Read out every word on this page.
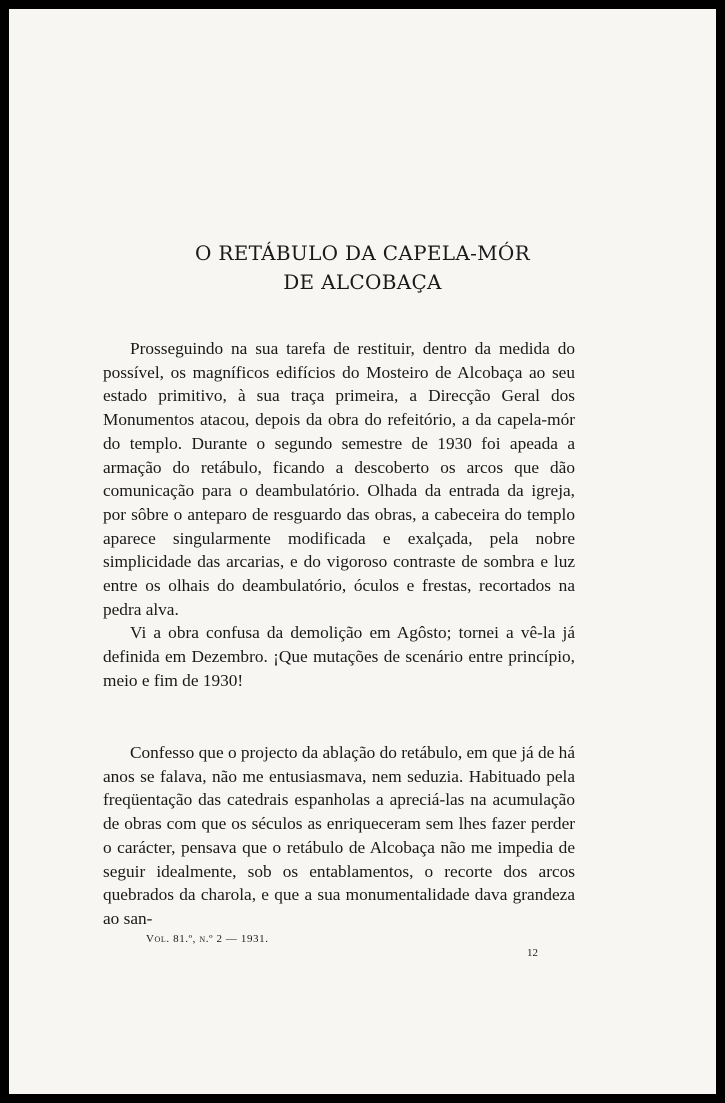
O RETÁBULO DA CAPELA-MÓR
DE ALCOBAÇA

Prosseguindo na sua tarefa de restituir, dentro da medida do possível, os magníficos edifícios do Mosteiro de Alcobaça ao seu estado primitivo, à sua traça primeira, a Direcção Geral dos Monumentos atacou, depois da obra do refeitório, a da capela-mór do templo. Durante o segundo semestre de 1930 foi apeada a armação do retábulo, ficando a descoberto os arcos que dão comunicação para o deambulatório. Olhada da entrada da igreja, por sôbre o anteparo de resguardo das obras, a cabeceira do templo aparece singularmente modificada e exalçada, pela nobre simplicidade das arcarias, e do vigoroso contraste de sombra e luz entre os olhais do deambulatório, óculos e frestas, recortados na pedra alva.

Vi a obra confusa da demolição em Agôsto; tornei a vê-la já definida em Dezembro. ¡Que mutações de scenário entre princípio, meio e fim de 1930!

Confesso que o projecto da ablação do retábulo, em que já de há anos se falava, não me entusiasmava, nem seduzia. Habituado pela freqüentação das catedrais espanholas a apreciá-las na acumulação de obras com que os séculos as enriqueceram sem lhes fazer perder o carácter, pensava que o retábulo de Alcobaça não me impedia de seguir idealmente, sob os entablamentos, o recorte dos arcos quebrados da charola, e que a sua monumentalidade dava grandeza ao san-

Vol. 81.º, n.º 2 — 1931.
12
